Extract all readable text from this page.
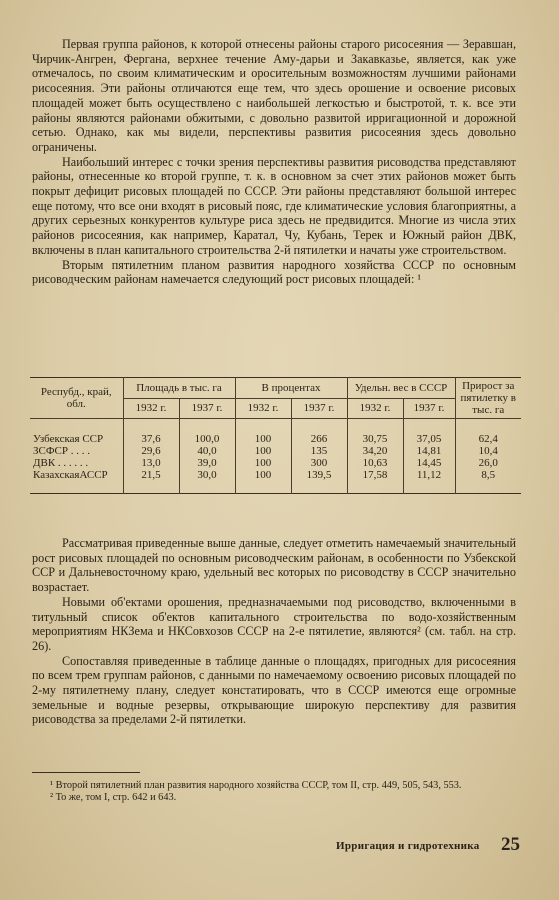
Первая группа районов, к которой отнесены районы старого рисосеяния — Зеравшан, Чирчик-Ангрен, Фергана, верхнее течение Аму-дарьи и Закавказье, является, как уже отмечалось, по своим климатическим и оросительным возможностям лучшими районами рисосеяния. Эти районы отличаются еще тем, что здесь орошение и освоение рисовых площадей может быть осуществлено с наибольшей легкостью и быстротой, т. к. все эти районы являются районами обжитыми, с довольно развитой ирригационной и дорожной сетью. Однако, как мы видели, перспективы развития рисосеяния здесь довольно ограничены.

Наибольший интерес с точки зрения перспективы развития рисоводства представляют районы, отнесенные ко второй группе, т. к. в основном за счет этих районов может быть покрыт дефицит рисовых площадей по СССР. Эти районы представляют большой интерес еще потому, что все они входят в рисовый пояс, где климатические условия благоприятны, а других серьезных конкурентов культуре риса здесь не предвидится. Многие из числа этих районов рисосеяния, как например, Каратал, Чу, Кубань, Терек и Южный район ДВК, включены в план капитального строительства 2-й пятилетки и начаты уже строительством.

Вторым пятилетним планом развития народного хозяйства СССР по основным рисоводческим районам намечается следующий рост рисовых площадей: ¹

Респубд., край, обл.	Площадь в тыс. га		В процентах		Удельн. вес в СССР		Прирост за пятилетку в тыс. га
	1932 г.	1937 г.	1932 г.	1937 г.	1932 г.	1937 г.	

Узбекская ССР	37,6	100,0	100	266	30,75	37,05	62,4
ЗСФСР . . . .	29,6	40,0	100	135	34,20	14,81	10,4
ДВК . . . . . .	13,0	39,0	100	300	10,63	14,45	26,0
КазахскаяАССР	21,5	30,0	100	139,5	17,58	11,12	8,5

Рассматривая приведенные выше данные, следует отметить намечаемый значительный рост рисовых площадей по основным рисоводческим районам, в особенности по Узбекской ССР и Дальневосточному краю, удельный вес которых по рисоводству в СССР значительно возрастает.

Новыми об'ектами орошения, предназначаемыми под рисоводство, включенными в титульный список об'ектов капитального строительства по водо-хозяйственным мероприятиям НКЗема и НКСовхозов СССР на 2-е пятилетие, являются² (см. табл. на стр. 26).

Сопоставляя приведенные в таблице данные о площадях, пригодных для рисосеяния по всем трем группам районов, с данными по намечаемому освоению рисовых площадей по 2-му пятилетнему плану, следует констатировать, что в СССР имеются еще огромные земельные и водные резервы, открывающие широкую перспективу для развития рисоводства за пределами 2-й пятилетки.

¹ Второй пятилетний план развития народного хозяйства СССР, том II, стр. 449, 505, 543, 553.

² То же, том I, стр. 642 и 643.

Ирригация и гидротехника 25
